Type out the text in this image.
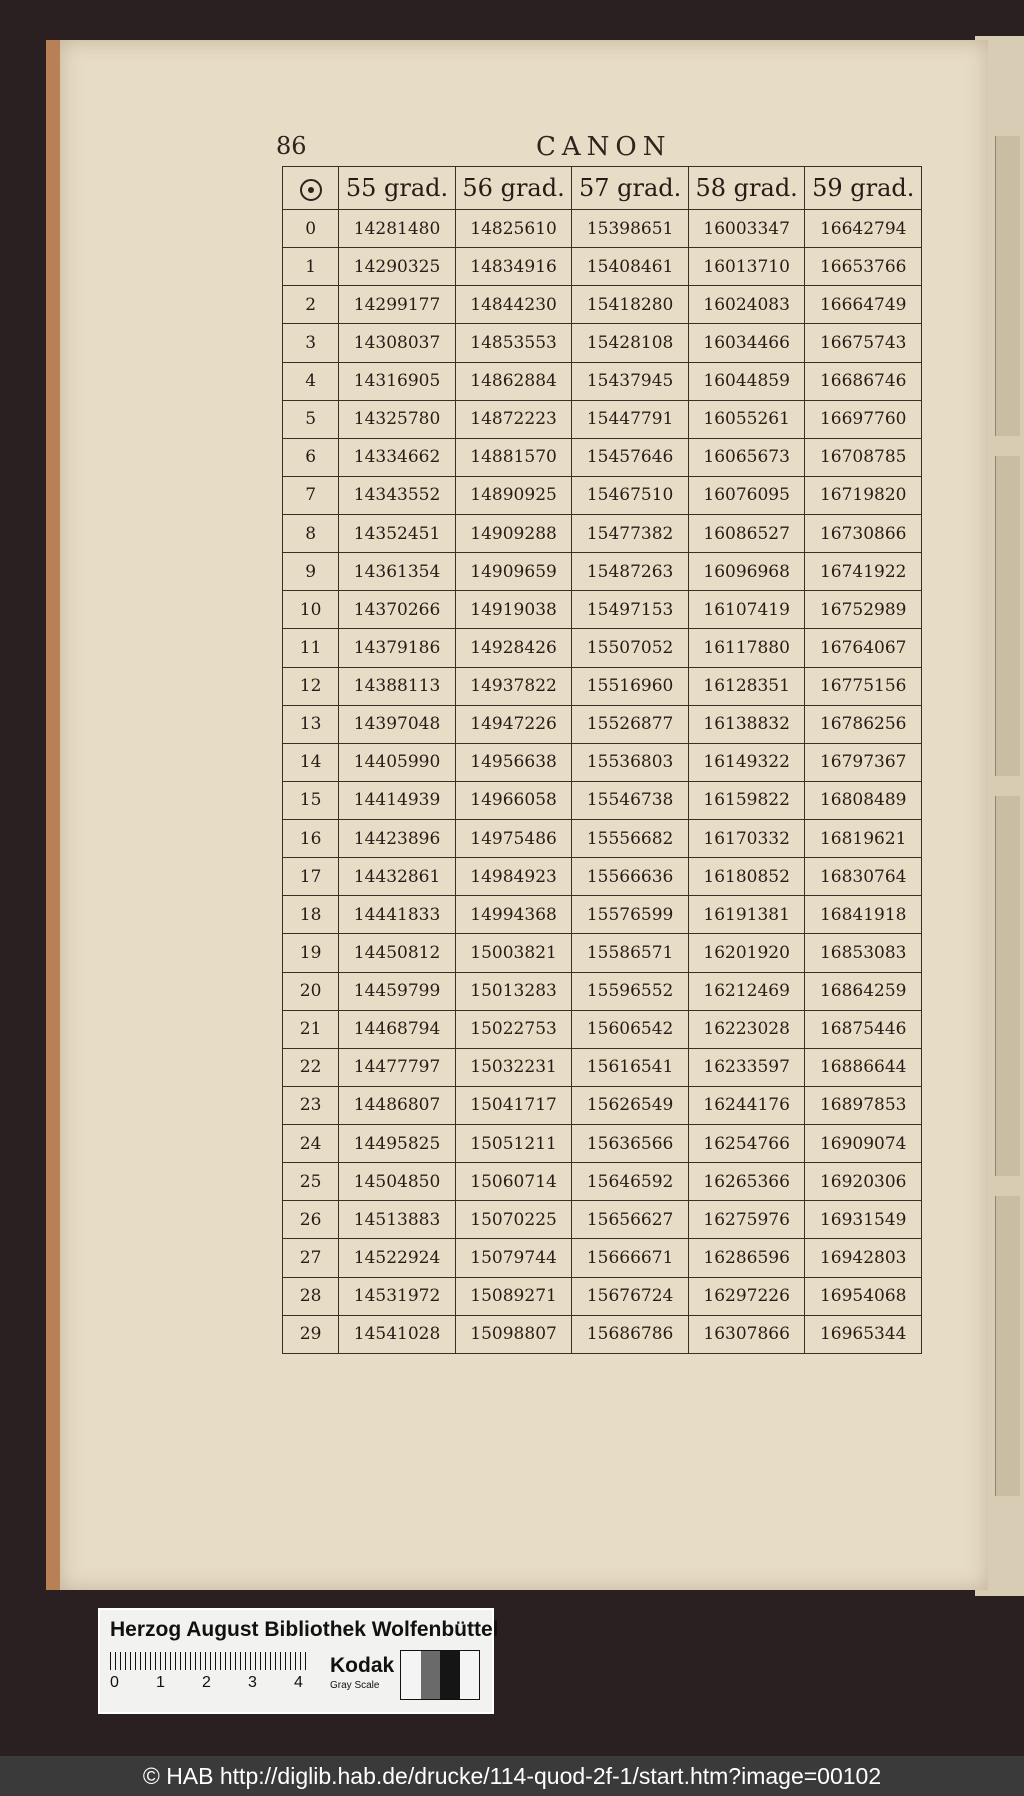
86	CANON
	55 grad.	56 grad.	57 grad.	58 grad.	59 grad.
0	14281480	14825610	15398651	16003347	16642794
1	14290325	14834916	15408461	16013710	16653766
2	14299177	14844230	15418280	16024083	16664749
3	14308037	14853553	15428108	16034466	16675743
4	14316905	14862884	15437945	16044859	16686746
5	14325780	14872223	15447791	16055261	16697760
6	14334662	14881570	15457646	16065673	16708785
7	14343552	14890925	15467510	16076095	16719820
8	14352451	14909288	15477382	16086527	16730866
9	14361354	14909659	15487263	16096968	16741922
10	14370266	14919038	15497153	16107419	16752989
11	14379186	14928426	15507052	16117880	16764067
12	14388113	14937822	15516960	16128351	16775156
13	14397048	14947226	15526877	16138832	16786256
14	14405990	14956638	15536803	16149322	16797367
15	14414939	14966058	15546738	16159822	16808489
16	14423896	14975486	15556682	16170332	16819621
17	14432861	14984923	15566636	16180852	16830764
18	14441833	14994368	15576599	16191381	16841918
19	14450812	15003821	15586571	16201920	16853083
20	14459799	15013283	15596552	16212469	16864259
21	14468794	15022753	15606542	16223028	16875446
22	14477797	15032231	15616541	16233597	16886644
23	14486807	15041717	15626549	16244176	16897853
24	14495825	15051211	15636566	16254766	16909074
25	14504850	15060714	15646592	16265366	16920306
26	14513883	15070225	15656627	16275976	16931549
27	14522924	15079744	15666671	16286596	16942803
28	14531972	15089271	15676724	16297226	16954068
29	14541028	15098807	15686786	16307866	16965344
Herzog August Bibliothek Wolfenbüttel
0 1 2 3 4
Kodak
Gray Scale
© HAB http://diglib.hab.de/drucke/114-quod-2f-1/start.htm?image=00102
